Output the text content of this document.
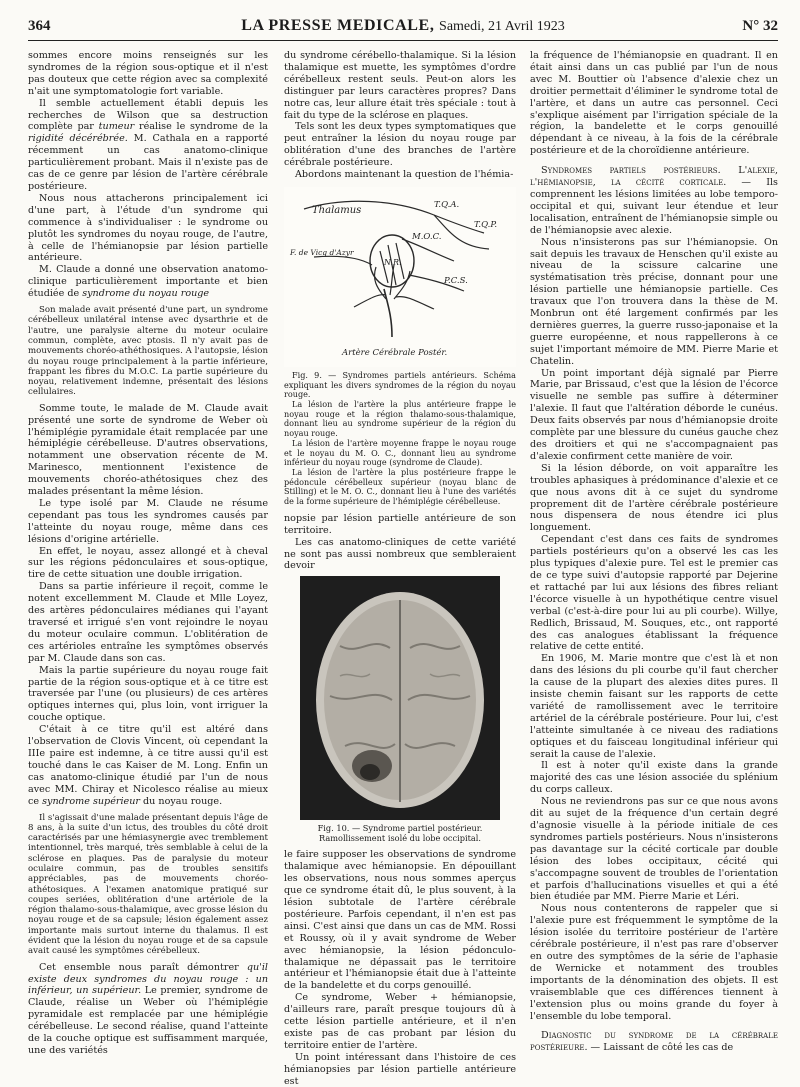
364	LA PRESSE MEDICALE, Samedi, 21 Avril 1923	N° 32

sommes encore moins renseignés sur les syndromes de la région sous-optique et il n'est pas douteux que cette région avec sa complexité n'ait une symptomatologie fort variable.

Il semble actuellement établi depuis les recherches de Wilson que sa destruction complète par tumeur réalise le syndrome de la rigidité décérébrée. M. Cathala en a rapporté récemment un cas anatomo-clinique particulièrement probant. Mais il n'existe pas de cas de ce genre par lésion de l'artère cérébrale postérieure.

Nous nous attacherons principalement ici d'une part, à l'étude d'un syndrome qui commence à s'individualiser : le syndrome ou plutôt les syndromes du noyau rouge, de l'autre, à celle de l'hémianopsie par lésion partielle antérieure.

M. Claude a donné une observation anatomo-clinique particulièrement importante et bien étudiée de syndrome du noyau rouge

Son malade avait présenté d'une part, un syndrome cérébelleux unilatéral intense avec dysarthrie et de l'autre, une paralysie alterne du moteur oculaire commun, complète, avec ptosis. Il n'y avait pas de mouvements choréo-athéthosiques. A l'autopsie, lésion du noyau rouge principalement à la partie inférieure, frappant les fibres du M.O.C. La partie supérieure du noyau, relativement indemne, présentait des lésions cellulaires.

Somme toute, le malade de M. Claude avait présenté une sorte de syndrome de Weber où l'hémiplégie pyramidale était remplacée par une hémiplégie cérébelleuse. D'autres observations, notamment une observation récente de M. Marinesco, mentionnent l'existence de mouvements choréo-athétosiques chez des malades présentant la même lésion.

Le type isolé par M. Claude ne résume cependant pas tous les syndromes causés par l'atteinte du noyau rouge, même dans ces lésions d'origine artérielle.

En effet, le noyau, assez allongé et à cheval sur les régions pédonculaires et sous-optique, tire de cette situation une double irrigation.

Dans sa partie inférieure il reçoit, comme le notent excellemment M. Claude et Mlle Loyez, des artères pédonculaires médianes qui l'ayant traversé et irrigué s'en vont rejoindre le noyau du moteur oculaire commun. L'oblitération de ces artérioles entraîne les symptômes observés par M. Claude dans son cas.

Mais la partie supérieure du noyau rouge fait partie de la région sous-optique et à ce titre est traversée par l'une (ou plusieurs) de ces artères optiques internes qui, plus loin, vont irriguer la couche optique.

C'était à ce titre qu'il est altéré dans l'observation de Clovis Vincent, où cependant la IIIe paire est indemne, à ce titre aussi qu'il est touché dans le cas Kaiser de M. Long. Enfin un cas anatomo-clinique étudié par l'un de nous avec MM. Chiray et Nicolesco réalise au mieux ce syndrome supérieur du noyau rouge.

Il s'agissait d'une malade présentant depuis l'âge de 8 ans, à la suite d'un ictus, des troubles du côté droit caractérisés par une hémiasynergie avec tremblement intentionnel, très marqué, très semblable à celui de la sclérose en plaques. Pas de paralysie du moteur oculaire commun, pas de troubles sensitifs appréciables, pas de mouvements choréo-athétosiques. A l'examen anatomique pratiqué sur coupes seriées, oblitération d'une artériole de la région thalamo-sous-thalamique, avec grosse lésion du noyau rouge et de sa capsule; lésion également assez importante mais surtout interne du thalamus. Il est évident que la lésion du noyau rouge et de sa capsule avait causé les symptômes cérébelleux.

Cet ensemble nous paraît démontrer qu'il existe deux syndromes du noyau rouge : un inférieur, un supérieur. Le premier, syndrome de Claude, réalise un Weber où l'hémiplégie pyramidale est remplacée par une hémiplégie cérébelleuse. Le second réalise, quand l'atteinte de la couche optique est suffisamment marquée, une des variétés

du syndrome cérébello-thalamique. Si la lésion thalamique est muette, les symptômes d'ordre cérébelleux restent seuls. Peut-on alors les distinguer par leurs caractères propres? Dans notre cas, leur allure était très spéciale : tout à fait du type de la sclérose en plaques.

Tels sont les deux types symptomatiques que peut entraîner la lésion du noyau rouge par oblitération d'une des branches de l'artère cérébrale postérieure.

Abordons maintenant la question de l'hémia-

Thalamus	T.Q.A.
T.Q.P.
M.O.C.
N.R.
P.C.S.
F. de Vicq d'Azyr
Artère Cérébrale Postér.

Fig. 9. — Syndromes partiels antérieurs. Schéma expliquant les divers syndromes de la région du noyau rouge.

La lésion de l'artère la plus antérieure frappe le noyau rouge et la région thalamo-sous-thalamique, donnant lieu au syndrome supérieur de la région du noyau rouge.

La lésion de l'artère moyenne frappe le noyau rouge et le noyau du M. O. C., donnant lieu au syndrome inférieur du noyau rouge (syndrome de Claude).

La lésion de l'artère la plus postérieure frappe le pédoncule cérébelleux supérieur (noyau blanc de Stilling) et le M. O. C., donnant lieu à l'une des variétés de la forme supérieure de l'hémiplégie cérébelleuse.

nopsie par lésion partielle antérieure de son territoire.

Les cas anatomo-cliniques de cette variété ne sont pas aussi nombreux que sembleraient devoir

Fig. 10. — Syndrome partiel postérieur.
Ramollissement isolé du lobe occipital.

le faire supposer les observations de syndrome thalamique avec hémianopsie. En dépouillant les observations, nous nous sommes aperçus que ce syndrome était dû, le plus souvent, à la lésion subtotale de l'artère cérébrale postérieure. Parfois cependant, il n'en est pas ainsi. C'est ainsi que dans un cas de MM. Rossi et Roussy, où il y avait syndrome de Weber avec hémianopsie, la lésion pédonculo-thalamique ne dépassait pas le territoire antérieur et l'hémianopsie était due à l'atteinte de la bandelette et du corps genouillé.

Ce syndrome, Weber + hémianopsie, d'ailleurs rare, paraît presque toujours dû à cette lésion partielle antérieure, et il n'en existe pas de cas probant par lésion du territoire entier de l'artère.

Un point intéressant dans l'histoire de ces hémianopsies par lésion partielle antérieure est

la fréquence de l'hémianopsie en quadrant. Il en était ainsi dans un cas publié par l'un de nous avec M. Bouttier où l'absence d'alexie chez un droitier permettait d'éliminer le syndrome total de l'artère, et dans un autre cas personnel. Ceci s'explique aisément par l'irrigation spéciale de la région, la bandelette et le corps genouillé dépendant à ce niveau, à la fois de la cérébrale postérieure et de la choroïdienne antérieure.

Syndromes partiels postérieurs. L'alexie, l'hémianopsie, la cécité corticale. — Ils comprennent les lésions limitées au lobe temporo-occipital et qui, suivant leur étendue et leur localisation, entraînent de l'hémianopsie simple ou de l'hémianopsie avec alexie.

Nous n'insisterons pas sur l'hémianopsie. On sait depuis les travaux de Henschen qu'il existe au niveau de la scissure calcarine une systématisation très précise, donnant pour une lésion partielle une hémianopsie partielle. Ces travaux que l'on trouvera dans la thèse de M. Monbrun ont été largement confirmés par les dernières guerres, la guerre russo-japonaise et la guerre européenne, et nous rappellerons à ce sujet l'important mémoire de MM. Pierre Marie et Chatelin.

Un point important déjà signalé par Pierre Marie, par Brissaud, c'est que la lésion de l'écorce visuelle ne semble pas suffire à déterminer l'alexie. Il faut que l'altération déborde le cunéus. Deux faits observés par nous d'hémianopsie droite complète par une blessure du cunéus gauche chez des droitiers et qui ne s'accompagnaient pas d'alexie confirment cette manière de voir.

Si la lésion déborde, on voit apparaître les troubles aphasiques à prédominance d'alexie et ce que nous avons dit à ce sujet du syndrome proprement dit de l'artère cérébrale postérieure nous dispensera de nous étendre ici plus longuement.

Cependant c'est dans ces faits de syndromes partiels postérieurs qu'on a observé les cas les plus typiques d'alexie pure. Tel est le premier cas de ce type suivi d'autopsie rapporté par Dejerine et rattaché par lui aux lésions des fibres reliant l'écorce visuelle à un hypothétique centre visuel verbal (c'est-à-dire pour lui au pli courbe). Willye, Redlich, Brissaud, M. Souques, etc., ont rapporté des cas analogues établissant la fréquence relative de cette entité.

En 1906, M. Marie montre que c'est là et non dans des lésions du pli courbe qu'il faut chercher la cause de la plupart des alexies dites pures. Il insiste chemin faisant sur les rapports de cette variété de ramollissement avec le territoire artériel de la cérébrale postérieure. Pour lui, c'est l'atteinte simultanée à ce niveau des radiations optiques et du faisceau longitudinal inférieur qui serait la cause de l'alexie.

Il est à noter qu'il existe dans la grande majorité des cas une lésion associée du splénium du corps calleux.

Nous ne reviendrons pas sur ce que nous avons dit au sujet de la fréquence d'un certain degré d'agnosie visuelle à la période initiale de ces syndromes partiels postérieurs. Nous n'insisterons pas davantage sur la cécité corticale par double lésion des lobes occipitaux, cécité qui s'accompagne souvent de troubles de l'orientation et parfois d'hallucinations visuelles et qui a été bien étudiée par MM. Pierre Marie et Léri.

Nous nous contenterons de rappeler que si l'alexie pure est fréquemment le symptôme de la lésion isolée du territoire postérieur de l'artère cérébrale postérieure, il n'est pas rare d'observer en outre des symptômes de la série de l'aphasie de Wernicke et notamment des troubles importants de la dénomination des objets. Il est vraisemblable que ces différences tiennent à l'extension plus ou moins grande du foyer à l'ensemble du lobe temporal.

Diagnostic du syndrome de la cérébrale postérieure. — Laissant de côté les cas de
